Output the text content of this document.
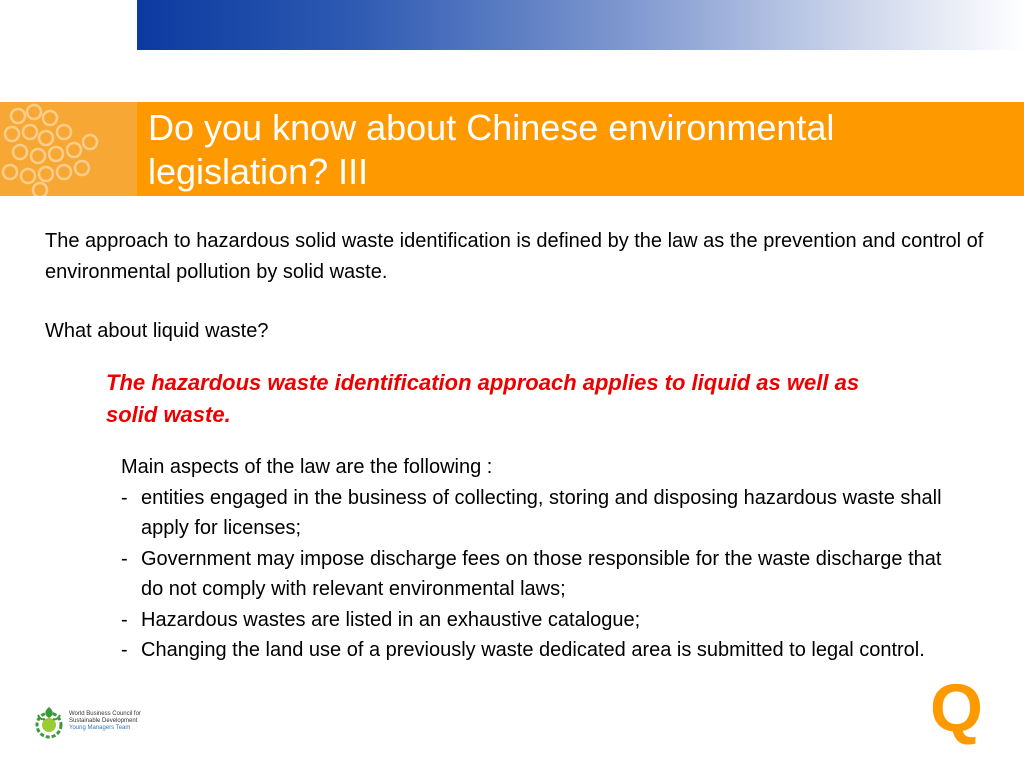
Do you know about Chinese environmental legislation? III

The approach to hazardous solid waste identification is defined by the law as the prevention and control of environmental pollution by solid waste.

What about liquid waste?

The hazardous waste identification approach applies to liquid as well as solid waste.

Main aspects of the law are the following :

- entities engaged in the business of collecting, storing and disposing hazardous waste shall apply for licenses;
- Government may impose discharge fees on those responsible for the waste discharge that do not comply with relevant environmental laws;
- Hazardous wastes are listed in an exhaustive catalogue;
- Changing the land use of a previously waste dedicated area is submitted to legal control.
World Business Council for
Sustainable Development
Young Managers Team	Q
